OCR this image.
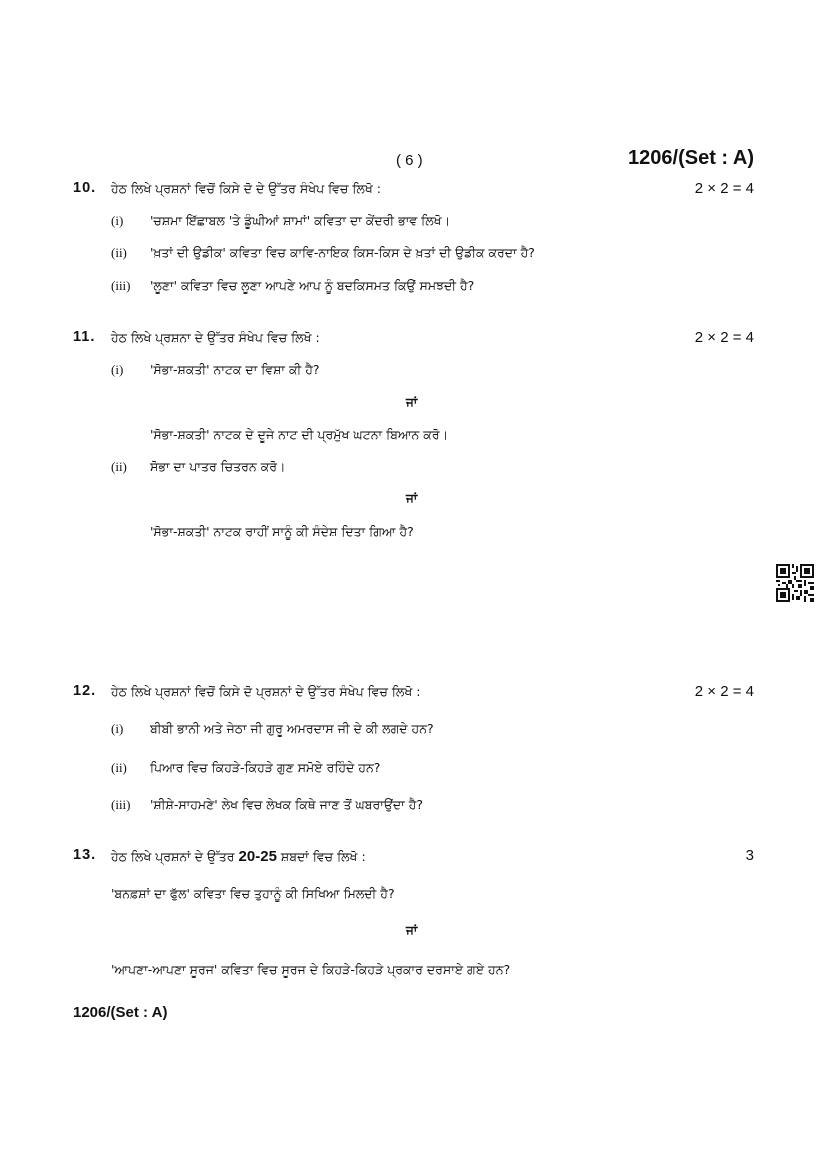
( 6 )	1206/(Set : A)
10. ਹੇਠ ਲਿਖੇ ਪ੍ਰਸ਼ਨਾਂ ਵਿਚੋਂ ਕਿਸੇ ਦੋ ਦੇ ਉੱਤਰ ਸੰਖੇਪ ਵਿਚ ਲਿਖੋ :	2 × 2 = 4
(i) 'ਚਸ਼ਮਾ ਇੱਛਾਬਲ 'ਤੇ ਡੂੰਘੀਆਂ ਸ਼ਾਮਾਂ' ਕਵਿਤਾ ਦਾ ਕੇਂਦਰੀ ਭਾਵ ਲਿਖੋ।
(ii) 'ਖ਼ਤਾਂ ਦੀ ਉਡੀਕ' ਕਵਿਤਾ ਵਿਚ ਕਾਵਿ-ਨਾਇਕ ਕਿਸ-ਕਿਸ ਦੇ ਖ਼ਤਾਂ ਦੀ ਉਡੀਕ ਕਰਦਾ ਹੈ?
(iii) 'ਲੂਣਾ' ਕਵਿਤਾ ਵਿਚ ਲੂਣਾ ਆਪਣੇ ਆਪ ਨੂੰ ਬਦਕਿਸਮਤ ਕਿਉਂ ਸਮਝਦੀ ਹੈ?
11. ਹੇਠ ਲਿਖੇ ਪ੍ਰਸ਼ਨਾ ਦੇ ਉੱਤਰ ਸੰਖੇਪ ਵਿਚ ਲਿਖੋ :	2 × 2 = 4
(i) 'ਸੋਭਾ-ਸ਼ਕਤੀ' ਨਾਟਕ ਦਾ ਵਿਸ਼ਾ ਕੀ ਹੈ?
ਜਾਂ
'ਸੋਭਾ-ਸ਼ਕਤੀ' ਨਾਟਕ ਦੇ ਦੂਜੇ ਨਾਟ ਦੀ ਪ੍ਰਮੁੱਖ ਘਟਨਾ ਬਿਆਨ ਕਰੋ।
(ii) ਸੋਭਾ ਦਾ ਪਾਤਰ ਚਿਤਰਨ ਕਰੋ।
ਜਾਂ
'ਸੋਭਾ-ਸ਼ਕਤੀ' ਨਾਟਕ ਰਾਹੀਂ ਸਾਨੂੰ ਕੀ ਸੰਦੇਸ਼ ਦਿਤਾ ਗਿਆ ਹੈ?
12. ਹੇਠ ਲਿਖੇ ਪ੍ਰਸ਼ਨਾਂ ਵਿਚੋਂ ਕਿਸੇ ਦੋ ਪ੍ਰਸ਼ਨਾਂ ਦੇ ਉੱਤਰ ਸੰਖੇਪ ਵਿਚ ਲਿਖੋ :	2 × 2 = 4
(i) ਬੀਬੀ ਭਾਨੀ ਅਤੇ ਜੇਠਾ ਜੀ ਗੁਰੂ ਅਮਰਦਾਸ ਜੀ ਦੇ ਕੀ ਲਗਦੇ ਹਨ?
(ii) ਪਿਆਰ ਵਿਚ ਕਿਹੜੇ-ਕਿਹੜੇ ਗੁਣ ਸਮੋਏ ਰਹਿੰਦੇ ਹਨ?
(iii) 'ਸ਼ੀਸ਼ੇ-ਸਾਹਮਣੇ' ਲੇਖ ਵਿਚ ਲੇਖਕ ਕਿਥੇ ਜਾਣ ਤੋਂ ਘਬਰਾਉਂਦਾ ਹੈ?
13. ਹੇਠ ਲਿਖੇ ਪ੍ਰਸ਼ਨਾਂ ਦੇ ਉੱਤਰ 20-25 ਸ਼ਬਦਾਂ ਵਿਚ ਲਿਖੋ :	3
'ਬਨਫ਼ਸ਼ਾਂ ਦਾ ਫੁੱਲ' ਕਵਿਤਾ ਵਿਚ ਤੁਹਾਨੂੰ ਕੀ ਸਿਖਿਆ ਮਿਲਦੀ ਹੈ?
ਜਾਂ
'ਆਪਣਾ-ਆਪਣਾ ਸੂਰਜ' ਕਵਿਤਾ ਵਿਚ ਸੂਰਜ ਦੇ ਕਿਹੜੇ-ਕਿਹੜੇ ਪ੍ਰਕਾਰ ਦਰਸਾਏ ਗਏ ਹਨ?
1206/(Set : A)
